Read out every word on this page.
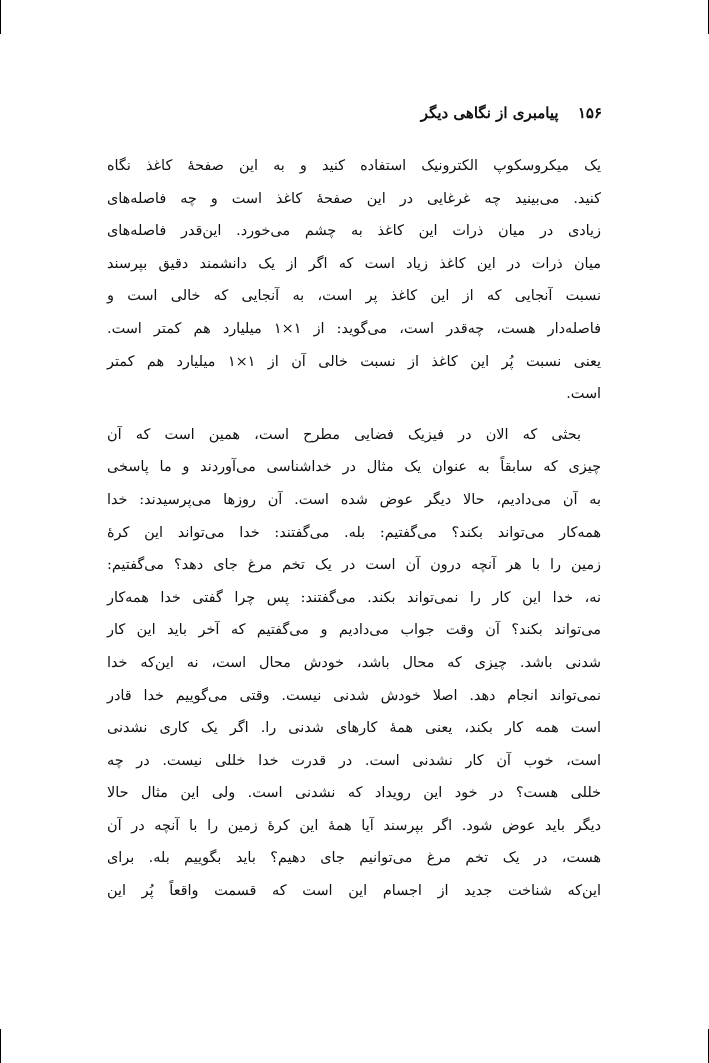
۱۵۶ پیامبری از نگاهی دیگر
یک میکروسکوپ الکترونیک استفاده کنید و به این صفحهٔ کاغذ نگاه
کنید. می‌بینید چه غرغایی در این صفحهٔ کاغذ است و چه فاصله‌های
زیادی در میان ذرات این کاغذ به چشم می‌خورد. این‌قدر فاصله‌های
میان ذرات در این کاغذ زیاد است که اگر از یک دانشمند دقیق بپرسند
نسبت آنجایی که از این کاغذ پر است، به آنجایی که خالی است و
فاصله‌دار هست، چه‌قدر است، می‌گوید: از ۱×۱ میلیارد هم کمتر است.
یعنی نسبت پُر این کاغذ از نسبت خالی آن از ۱×۱ میلیارد هم کمتر
است.
بحثی که الان در فیزیک فضایی مطرح است، همین است که آن
چیزی که سابقاً به عنوان یک مثال در خداشناسی می‌آوردند و ما پاسخی
به آن می‌دادیم، حالا دیگر عوض شده است. آن روزها می‌پرسیدند: خدا
همه‌کار می‌تواند بکند؟ می‌گفتیم: بله. می‌گفتند: خدا می‌تواند این کرهٔ
زمین را با هر آنچه درون آن است در یک تخم مرغ جای دهد؟ می‌گفتیم:
نه، خدا این کار را نمی‌تواند بکند. می‌گفتند: پس چرا گفتی خدا همه‌کار
می‌تواند بکند؟ آن وقت جواب می‌دادیم و می‌گفتیم که آخر باید این کار
شدنی باشد. چیزی که محال باشد، خودش محال است، نه این‌که خدا
نمی‌تواند انجام دهد. اصلا خودش شدنی نیست. وقتی می‌گوییم خدا قادر
است همه کار بکند، یعنی همهٔ کارهای شدنی را. اگر یک کاری نشدنی
است، خوب آن کار نشدنی است. در قدرت خدا خللی نیست. در چه
خللی هست؟ در خود این رویداد که نشدنی است. ولی این مثال حالا
دیگر باید عوض شود. اگر بپرسند آیا همهٔ این کرهٔ زمین را با آنچه در آن
هست، در یک تخم مرغ می‌توانیم جای دهیم؟ باید بگوییم بله. برای
این‌که شناخت جدید از اجسام این است که قسمت واقعاً پُر این
